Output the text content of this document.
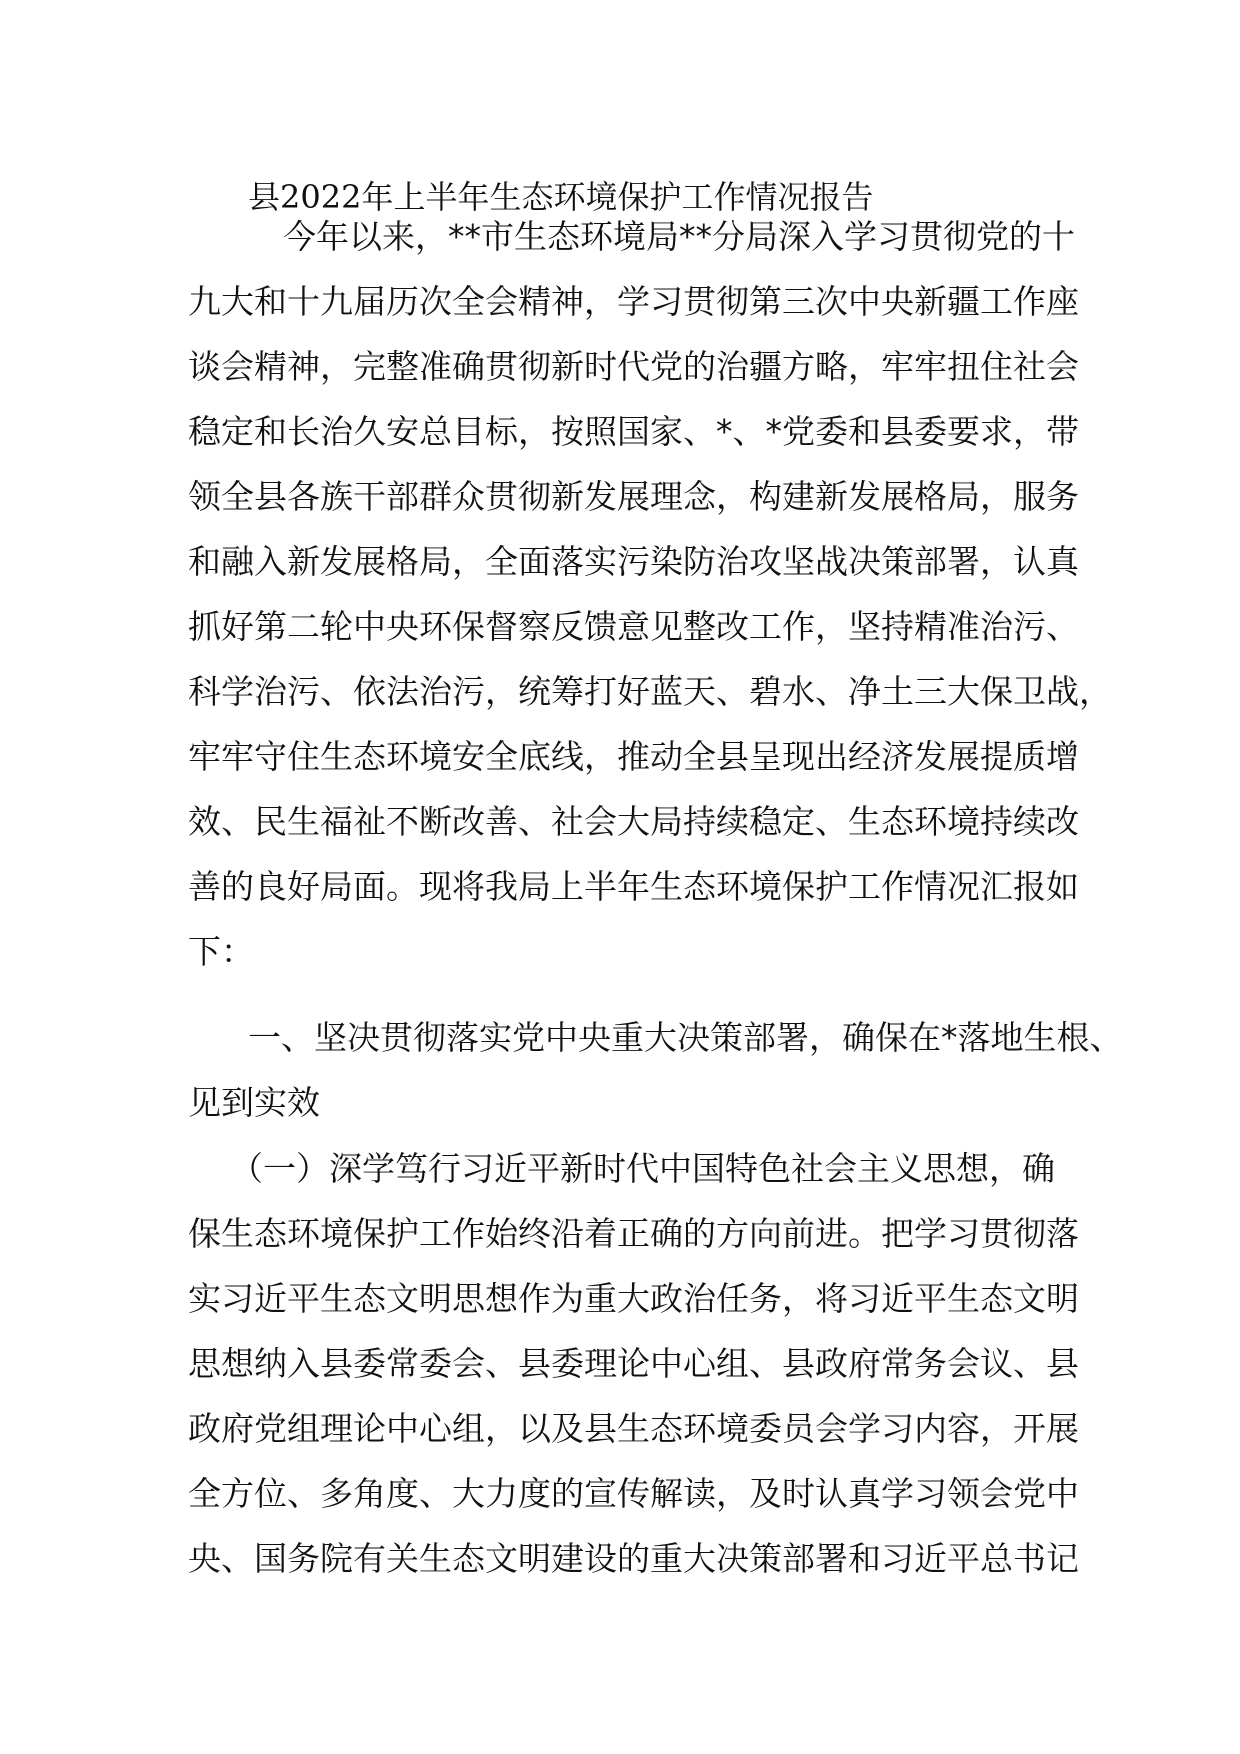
县2022年上半年生态环境保护工作情况报告
今年以来，**市生态环境局**分局深入学习贯彻党的十
九大和十九届历次全会精神，学习贯彻第三次中央新疆工作座
谈会精神，完整准确贯彻新时代党的治疆方略，牢牢扭住社会
稳定和长治久安总目标，按照国家、*、*党委和县委要求，带
领全县各族干部群众贯彻新发展理念，构建新发展格局，服务
和融入新发展格局，全面落实污染防治攻坚战决策部署，认真
抓好第二轮中央环保督察反馈意见整改工作，坚持精准治污、
科学治污、依法治污，统筹打好蓝天、碧水、净土三大保卫战，
牢牢守住生态环境安全底线，推动全县呈现出经济发展提质增
效、民生福祉不断改善、社会大局持续稳定、生态环境持续改
善的良好局面。现将我局上半年生态环境保护工作情况汇报如
下：
一、坚决贯彻落实党中央重大决策部署，确保在*落地生根、
见到实效
（一）深学笃行习近平新时代中国特色社会主义思想，确
保生态环境保护工作始终沿着正确的方向前进。把学习贯彻落
实习近平生态文明思想作为重大政治任务，将习近平生态文明
思想纳入县委常委会、县委理论中心组、县政府常务会议、县
政府党组理论中心组，以及县生态环境委员会学习内容，开展
全方位、多角度、大力度的宣传解读，及时认真学习领会党中
央、国务院有关生态文明建设的重大决策部署和习近平总书记
